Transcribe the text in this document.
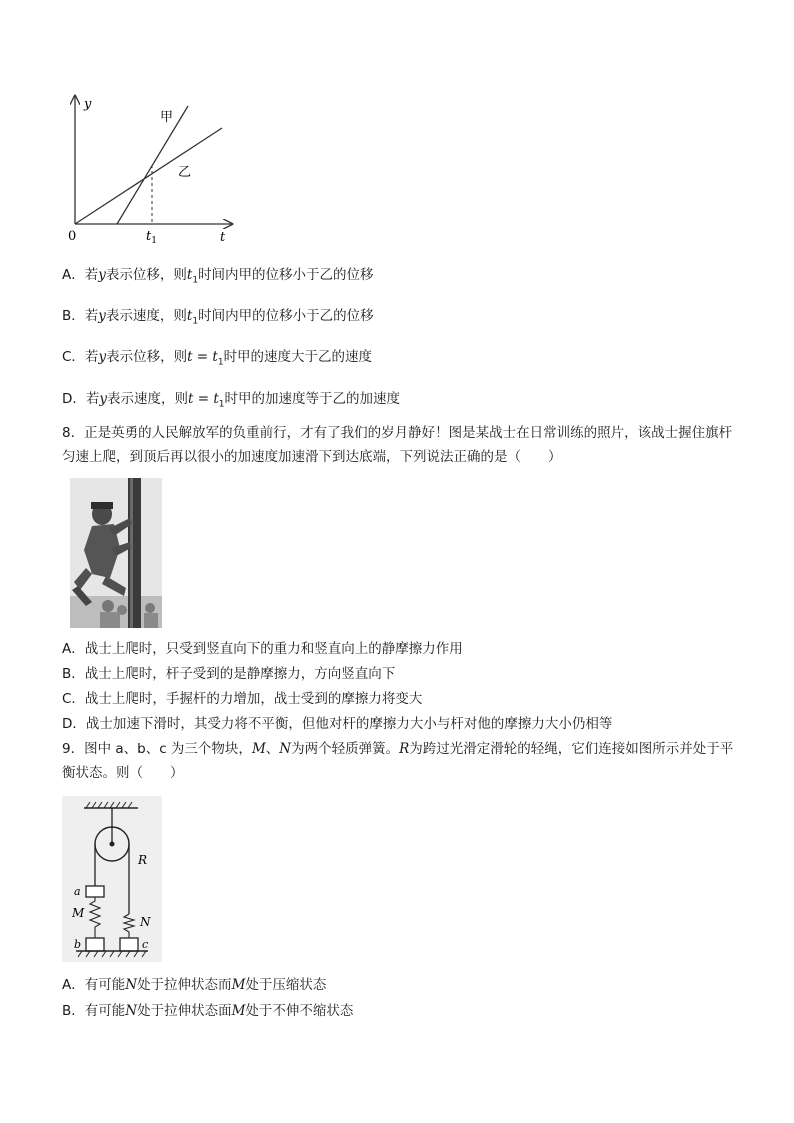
y
t
0	$t_1$
甲
乙
A．若y表示位移，则$t_1$时间内甲的位移小于乙的位移
B．若y表示速度，则$t_1$时间内甲的位移小于乙的位移
C．若y表示位移，则$t = t_1$时甲的速度大于乙的速度
D．若y表示速度，则$t = t_1$时甲的加速度等于乙的加速度
8．正是英勇的人民解放军的负重前行，才有了我们的岁月静好！图是某战士在日常训练的照片，该战士握住旗杆匀速上爬，到顶后再以很小的加速度加速滑下到达底端，下列说法正确的是（　　）
A．战士上爬时，只受到竖直向下的重力和竖直向上的静摩擦力作用
B．战士上爬时，杆子受到的是静摩擦力，方向竖直向下
C．战士上爬时，手握杆的力增加，战士受到的摩擦力将变大
D．战士加速下滑时，其受力将不平衡，但他对杆的摩擦力大小与杆对他的摩擦力大小仍相等
9．图中 a、b、c 为三个物块，M、N为两个轻质弹簧。R为跨过光滑定滑轮的轻绳，它们连接如图所示并处于平衡状态。则（　　）
R
a
M
N
b	c
A．有可能N处于拉伸状态而M处于压缩状态
B．有可能N处于拉伸状态面M处于不伸不缩状态
